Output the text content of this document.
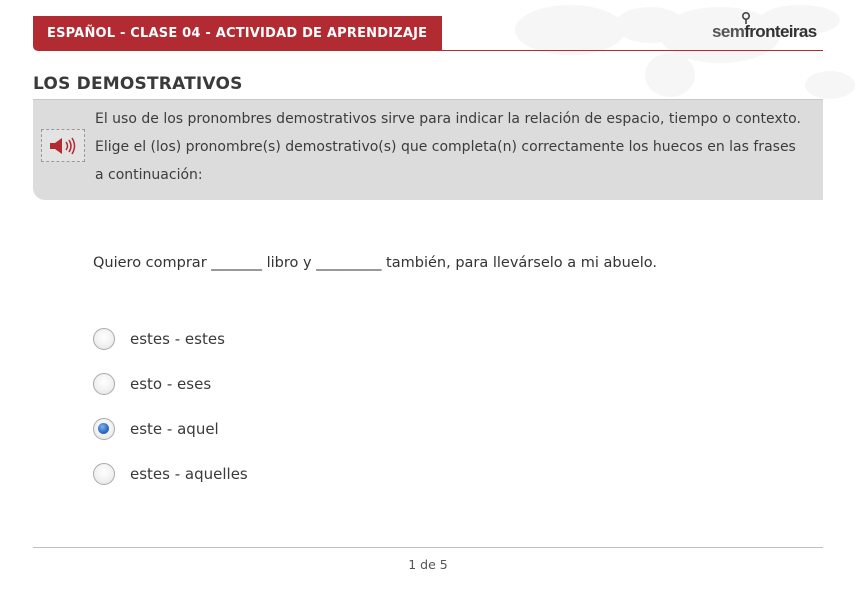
ESPAÑOL - CLASE 04 - ACTIVIDAD DE APRENDIZAJE	semfronteiras
LOS DEMOSTRATIVOS
El uso de los pronombres demostrativos sirve para indicar la relación de espacio, tiempo o contexto.
Elige el (los) pronombre(s) demostrativo(s) que completa(n) correctamente los huecos en las frases
a continuación:
Quiero comprar _______ libro y _________ también, para llevárselo a mi abuelo.
estes - estes
esto - eses
este - aquel
estes - aquelles
1 de 5
